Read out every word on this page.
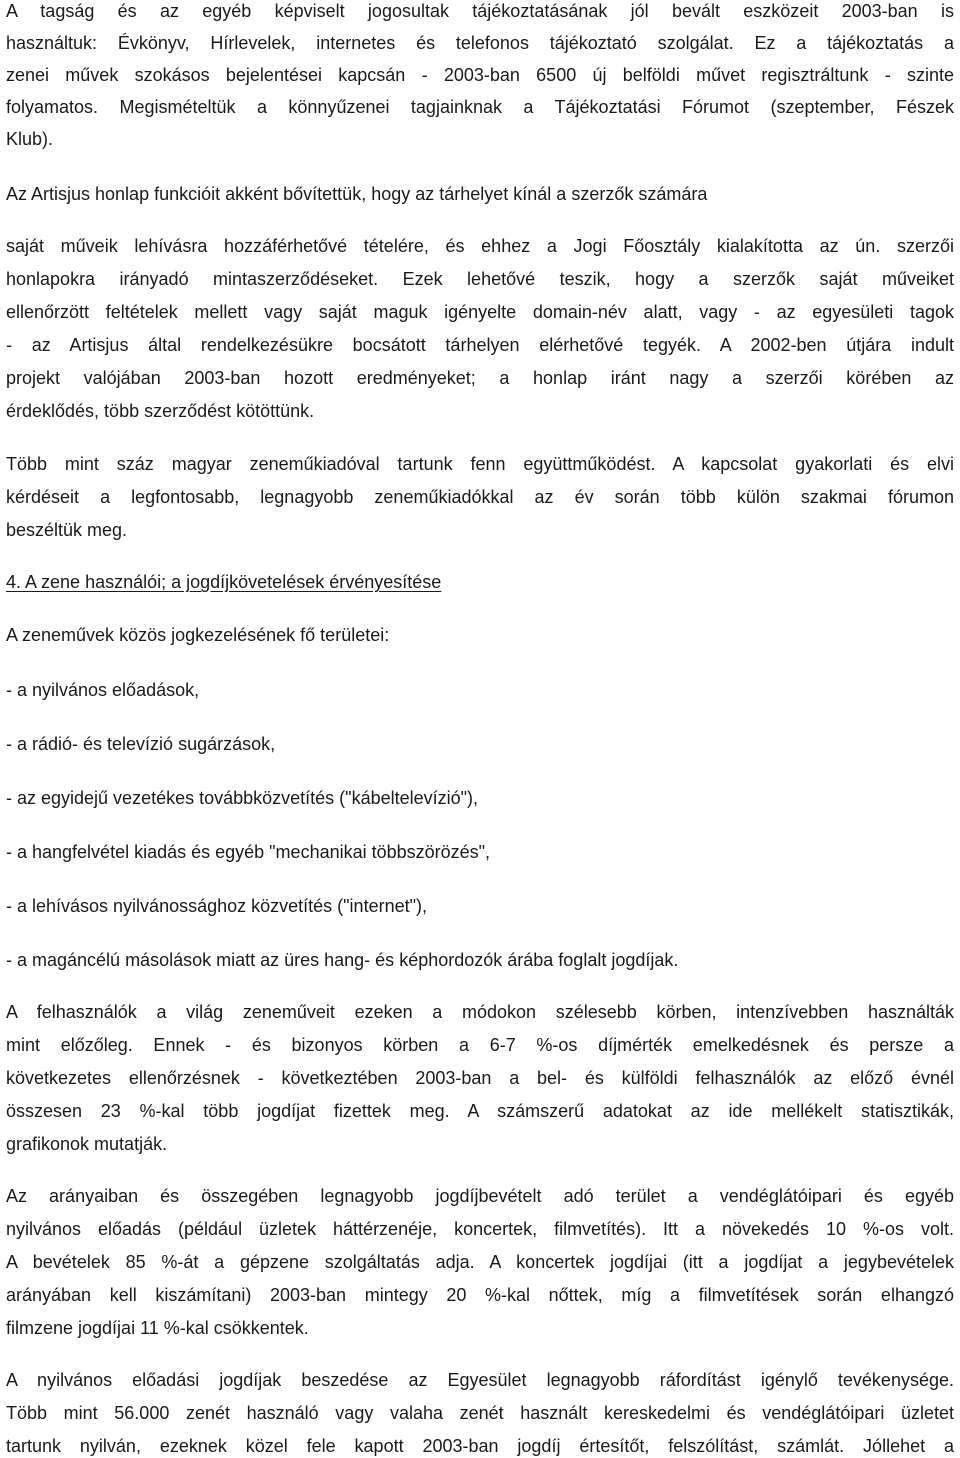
A tagság és az egyéb képviselt jogosultak tájékoztatásának jól bevált eszközeit 2003-ban is
használtuk: Évkönyv, Hírlevelek, internetes és telefonos tájékoztató szolgálat. Ez a tájékoztatás a
zenei művek szokásos bejelentései kapcsán - 2003-ban 6500 új belföldi művet regisztráltunk - szinte
folyamatos. Megismételtük a könnyűzenei tagjainknak a Tájékoztatási Fórumot (szeptember, Fészek
Klub).
Az Artisjus honlap funkcióit akként bővítettük, hogy az tárhelyet kínál a szerzők számára
saját műveik lehívásra hozzáférhetővé tételére, és ehhez a Jogi Főosztály kialakította az ún. szerzői
honlapokra irányadó mintaszerződéseket. Ezek lehetővé teszik, hogy a szerzők saját műveiket
ellenőrzött feltételek mellett vagy saját maguk igényelte domain-név alatt, vagy - az egyesületi tagok
- az Artisjus által rendelkezésükre bocsátott tárhelyen elérhetővé tegyék. A 2002-ben útjára indult
projekt valójában 2003-ban hozott eredményeket; a honlap iránt nagy a szerzői körében az
érdeklődés, több szerződést kötöttünk.
Több mint száz magyar zeneműkiadóval tartunk fenn együttműködést. A kapcsolat gyakorlati és elvi
kérdéseit a legfontosabb, legnagyobb zeneműkiadókkal az év során több külön szakmai fórumon
beszéltük meg.
4. A zene használói; a jogdíjkövetelések érvényesítése
A zeneművek közös jogkezelésének fő területei:
- a nyilvános előadások,
- a rádió- és televízió sugárzások,
- az egyidejű vezetékes továbbközvetítés ("kábeltelevízió"),
- a hangfelvétel kiadás és egyéb "mechanikai többszörözés",
- a lehívásos nyilvánossághoz közvetítés ("internet"),
- a magáncélú másolások miatt az üres hang- és képhordozók árába foglalt jogdíjak.
A felhasználók a világ zeneműveit ezeken a módokon szélesebb körben, intenzívebben használták
mint előzőleg. Ennek - és bizonyos körben a 6-7 %-os díjmérték emelkedésnek és persze a
következetes ellenőrzésnek - következtében 2003-ban a bel- és külföldi felhasználók az előző évnél
összesen 23 %-kal több jogdíjat fizettek meg. A számszerű adatokat az ide mellékelt statisztikák,
grafikonok mutatják.
Az arányaiban és összegében legnagyobb jogdíjbevételt adó terület a vendéglátóipari és egyéb
nyilvános előadás (például üzletek háttérzenéje, koncertek, filmvetítés). Itt a növekedés 10 %-os volt.
A bevételek 85 %-át a gépzene szolgáltatás adja. A koncertek jogdíjai (itt a jogdíjat a jegybevételek
arányában kell kiszámítani) 2003-ban mintegy 20 %-kal nőttek, míg a filmvetítések során elhangzó
filmzene jogdíjai 11 %-kal csökkentek.
A nyilvános előadási jogdíjak beszedése az Egyesület legnagyobb ráfordítást igénylő tevékenysége.
Több mint 56.000 zenét használó vagy valaha zenét használt kereskedelmi és vendéglátóipari üzletet
tartunk nyilván, ezeknek közel fele kapott 2003-ban jogdíj értesítőt, felszólítást, számlát. Jóllehet a
